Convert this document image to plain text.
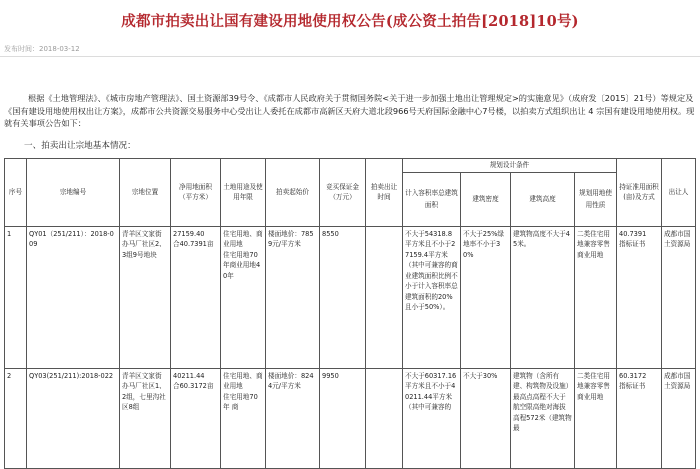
成都市拍卖出让国有建设用地使用权公告(成公资土拍告[2018]10号)
发布时间：2018-03-12

根据《土地管理法》、《城市房地产管理法》、国土资源部39号令、《成都市人民政府关于贯彻国务院<关于进一步加强土地出让管理规定>的实施意见》（成府发〔2015〕21号）等规定及《国有建设用地使用权出让方案》，成都市公共资源交易服务中心受出让人委托在成都市高新区天府大道北段966号天府国际金融中心7号楼，以拍卖方式组织出让 4 宗国有建设用地使用权。现就有关事项公告如下：

一、拍卖出让宗地基本情况：
序号	宗地编号	宗地位置	净用地面积（平方米）	土地用途及使用年限	拍卖起始价	竞买保证金（万元）	拍卖出让时间	规划设计条件				持证准用面积(亩)及方式	出让人
								计入容积率总建筑面积	建筑密度	建筑高度	规划用地使用性质		
1	QY01（251/211）：2018-009	青羊区文家街办马厂社区2、3组9号地块	27159.40
合40.7391亩	住宅用地、商业用地
住宅用地70年商业用地40年	楼面地价：7859元/平方米	8550		不大于54318.8平方米且不小于27159.4平方米（其中可兼容的商业建筑面积比例不小于计入容积率总建筑面积的20%且小于50%）。	不大于25%绿地率不小于30%	建筑物高度不大于45米。	二类住宅用地兼容零售商业用地	40.7391
指标证书	成都市国土资源局
2	QY03(251/211):2018-022	青羊区文家街办马厂社区1、2组，七里沟社区8组	40211.44
合60.3172亩	住宅用地、商业用地
住宅用地70年 商	楼面地价：8244元/平方米	9950		不大于60317.16平方米且不小于40211.44平方米（其中可兼容的	不大于30%	建筑物（含所有建、构筑物及设施）最高点高程不大于航空限高绝对海拔高程572米（建筑物最	二类住宅用地兼容零售商业用地	60.3172
指标证书	成都市国土资源局
